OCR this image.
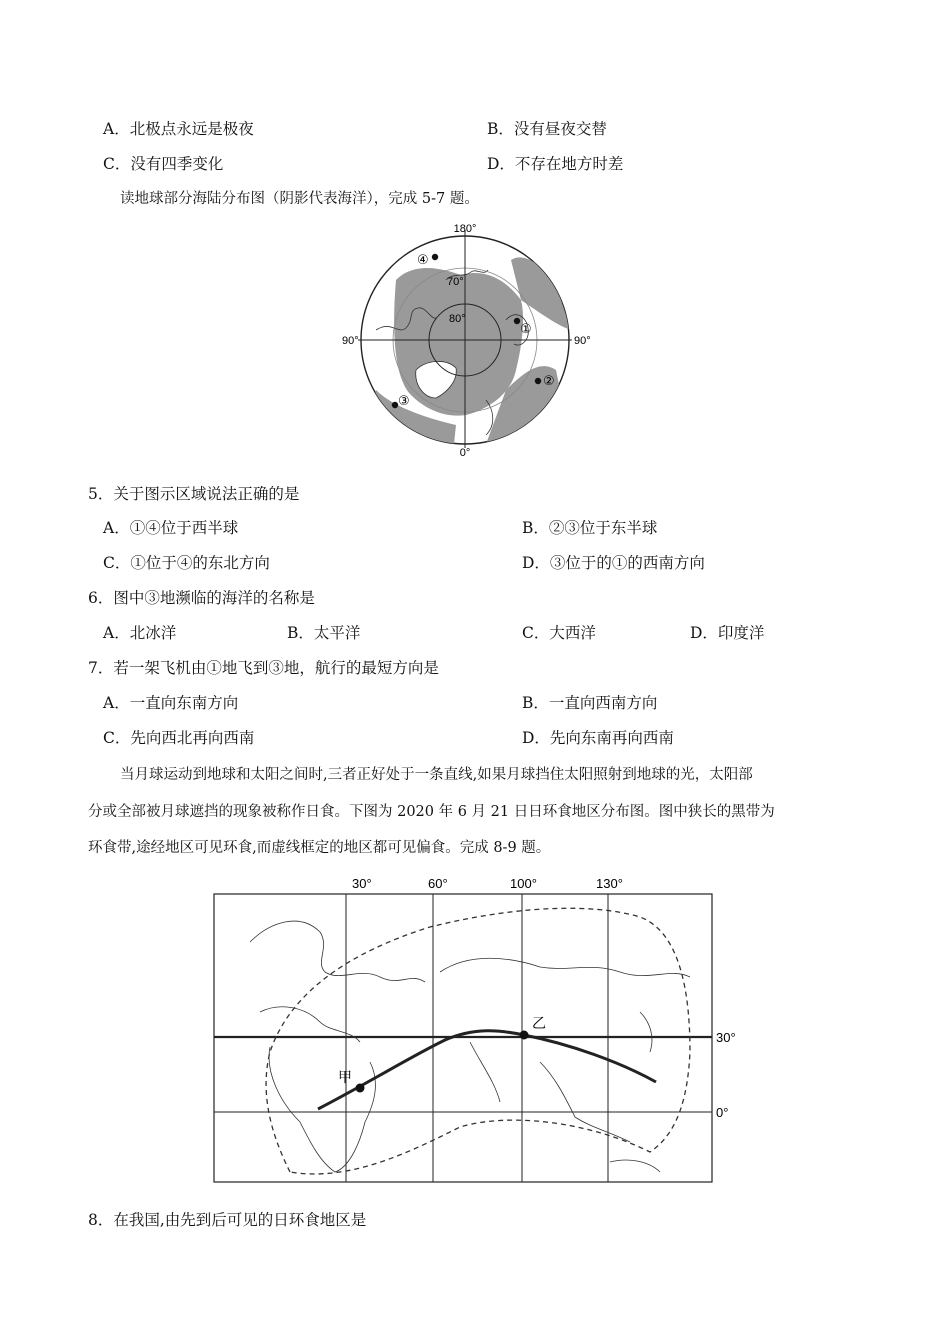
A．北极点永远是极夜	B．没有昼夜交替
C．没有四季变化	D．不存在地方时差
读地球部分海陆分布图（阴影代表海洋），完成 5-7 题。
180°
0°
90°	90°
70°
80°
①
②
③
④
5．关于图示区域说法正确的是
A．①④位于西半球	B．②③位于东半球
C．①位于④的东北方向	D．③位于的①的西南方向
6．图中③地濒临的海洋的名称是
A．北冰洋	B．太平洋	C．大西洋	D．印度洋
7．若一架飞机由①地飞到③地，航行的最短方向是
A．一直向东南方向	B．一直向西南方向
C．先向西北再向西南	D．先向东南再向西南
当月球运动到地球和太阳之间时,三者正好处于一条直线,如果月球挡住太阳照射到地球的光，太阳部
分或全部被月球遮挡的现象被称作日食。下图为 2020 年 6 月 21 日日环食地区分布图。图中狭长的黑带为
环食带,途经地区可见环食,而虚线框定的地区都可见偏食。完成 8-9 题。
甲
乙
30°	60°	100°	130°
30°
0°
8．在我国,由先到后可见的日环食地区是
